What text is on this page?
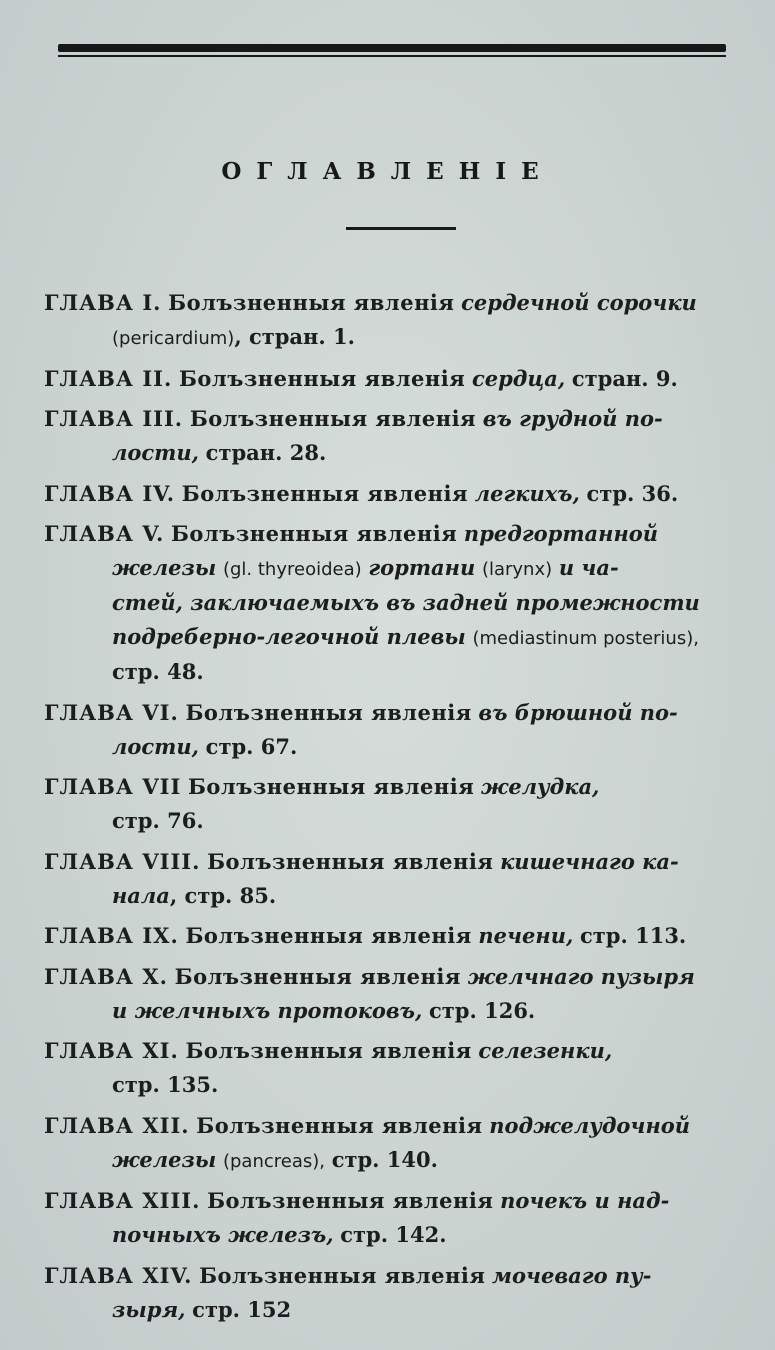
ОГЛАВЛЕНIЕ
ГЛАВА I. Болъзненныя явленiя сердечной сорочки
(pericardium), стран. 1.
ГЛАВА II. Болъзненныя явленiя сердца, стран. 9.
ГЛАВА III. Болъзненныя явленiя въ грудной по-
лости, стран. 28.
ГЛАВА IV. Болъзненныя явленiя легкихъ, стр. 36.
ГЛАВА V. Болъзненныя явленiя предгортанной
железы (gl. thyreoidea) гортани (larynx) и ча-
стей, заключаемыхъ въ задней промежности
подреберно-легочной плевы (mediastinum posterius),
стр. 48.
ГЛАВА VI. Болъзненныя явленiя въ брюшной по-
лости, стр. 67.
ГЛАВА VII Болъзненныя явленiя желудка,
стр. 76.
ГЛАВА VIII. Болъзненныя явленiя кишечнаго ка-
нала, стр. 85.
ГЛАВА IX. Болъзненныя явленiя печени, стр. 113.
ГЛАВА X. Болъзненныя явленiя желчнаго пузыря
и желчныхъ протоковъ, стр. 126.
ГЛАВА XI. Болъзненныя явленiя селезенки,
стр. 135.
ГЛАВА XII. Болъзненныя явленiя поджелудочной
железы (pancreas), стр. 140.
ГЛАВА XIII. Болъзненныя явленiя почекъ и над-
почныхъ железъ, стр. 142.
ГЛАВА XIV. Болъзненныя явленiя мочеваго пу-
зыря, стр. 152
